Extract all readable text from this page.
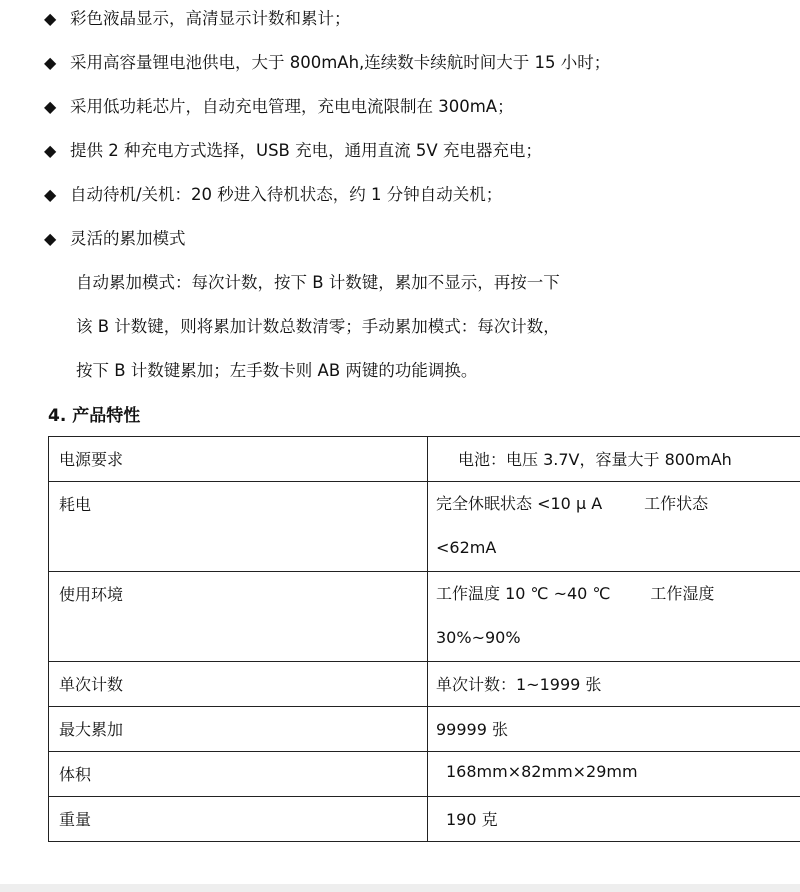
◆ 彩色液晶显示，高清显示计数和累计；
◆ 采用高容量锂电池供电，大于 800mAh,连续数卡续航时间大于 15 小时；
◆ 采用低功耗芯片，自动充电管理，充电电流限制在 300mA；
◆ 提供 2 种充电方式选择，USB 充电，通用直流 5V 充电器充电；
◆ 自动待机/关机：20 秒进入待机状态，约 1 分钟自动关机；
◆ 灵活的累加模式
自动累加模式：每次计数，按下 B 计数键，累加不显示，再按一下
该 B 计数键，则将累加计数总数清零；手动累加模式：每次计数，
按下 B 计数键累加；左手数卡则 AB 两键的功能调换。
4. 产品特性
电源要求	电池：电压 3.7V，容量大于 800mAh
耗电	完全休眠状态 <10 μ A 工作状态
<62mA

使用环境	工作温度 10 ℃ ~40 ℃ 工作湿度
30%~90%

单次计数	单次计数：1~1999 张
最大累加	99999 张
体积	168mm×82mm×29mm
重量	190 克
